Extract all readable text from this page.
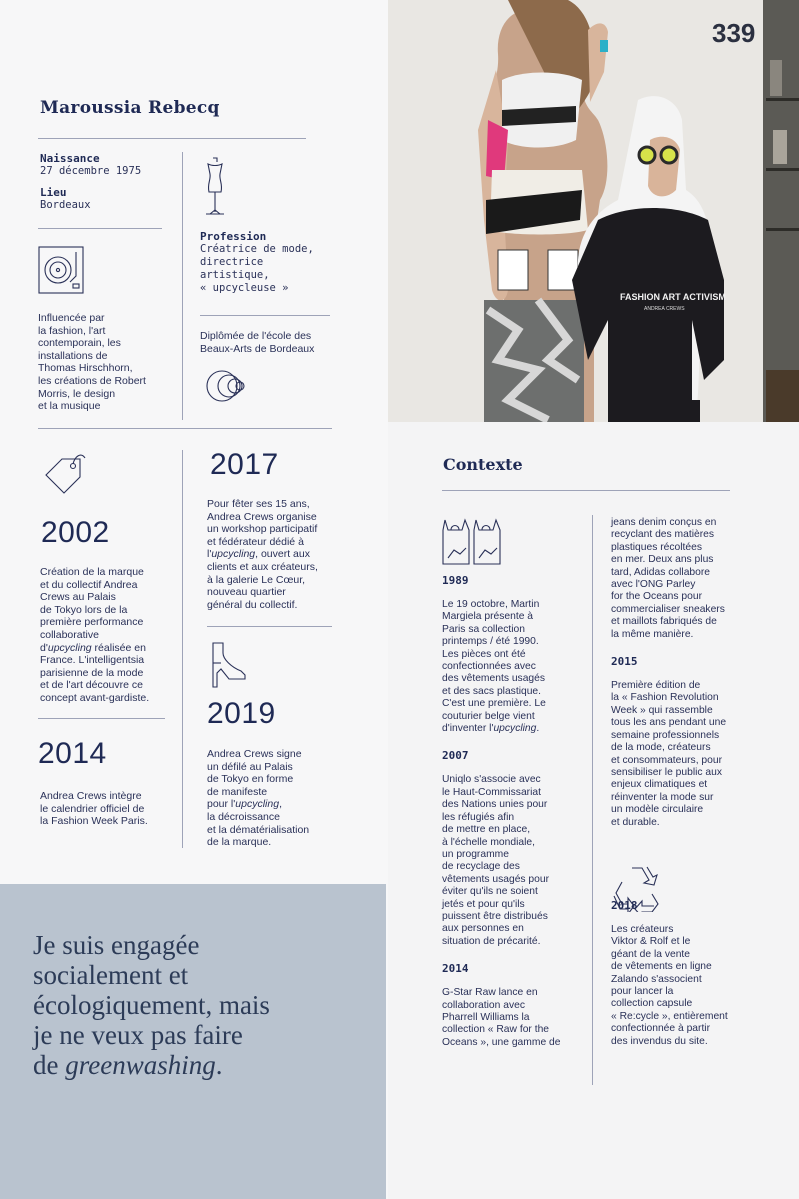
Maroussia Rebecq
Naissance
27 décembre 1975
Lieu
Bordeaux
Profession
Créatrice de mode,
directrice
artistique,
« upcycleuse »
Influencée par
la fashion, l'art
contemporain, les
installations de
Thomas Hirschhorn,
les créations de Robert
Morris, le design
et la musique
Diplômée de l'école des
Beaux-Arts de Bordeaux
2002
Création de la marque
et du collectif Andrea
Crews au Palais
de Tokyo lors de la
première performance
collaborative
d'upcycling réalisée en
France. L'intelligentsia
parisienne de la mode
et de l'art découvre ce
concept avant-gardiste.
2014
Andrea Crews intègre
le calendrier officiel de
la Fashion Week Paris.
2017
Pour fêter ses 15 ans,
Andrea Crews organise
un workshop participatif
et fédérateur dédié à
l'upcycling, ouvert aux
clients et aux créateurs,
à la galerie Le Cœur,
nouveau quartier
général du collectif.
2019
Andrea Crews signe
un défilé au Palais
de Tokyo en forme
de manifeste
pour l'upcycling,
la décroissance
et la dématérialisation
de la marque.
Je suis engagée
socialement et
écologiquement, mais
je ne veux pas faire
de greenwashing.
FASHION ART ACTIVISM
ANDREA CREWS
339
Contexte
1989
Le 19 octobre, Martin
Margiela présente à
Paris sa collection
printemps / été 1990.
Les pièces ont été
confectionnées avec
des vêtements usagés
et des sacs plastique.
C'est une première. Le
couturier belge vient
d'inventer l'upcycling.
2007
Uniqlo s'associe avec
le Haut-Commissariat
des Nations unies pour
les réfugiés afin
de mettre en place,
à l'échelle mondiale,
un programme
de recyclage des
vêtements usagés pour
éviter qu'ils ne soient
jetés et pour qu'ils
puissent être distribués
aux personnes en
situation de précarité.
2014
G-Star Raw lance en
collaboration avec
Pharrell Williams la
collection « Raw for the
Oceans », une gamme de
jeans denim conçus en
recyclant des matières
plastiques récoltées
en mer. Deux ans plus
tard, Adidas collabore
avec l'ONG Parley
for the Oceans pour
commercialiser sneakers
et maillots fabriqués de
la même manière.
2015
Première édition de
la « Fashion Revolution
Week » qui rassemble
tous les ans pendant une
semaine professionnels
de la mode, créateurs
et consommateurs, pour
sensibiliser le public aux
enjeux climatiques et
réinventer la mode sur
un modèle circulaire
et durable.
2018
Les créateurs
Viktor & Rolf et le
géant de la vente
de vêtements en ligne
Zalando s'associent
pour lancer la
collection capsule
« Re:cycle », entièrement
confectionnée à partir
des invendus du site.
